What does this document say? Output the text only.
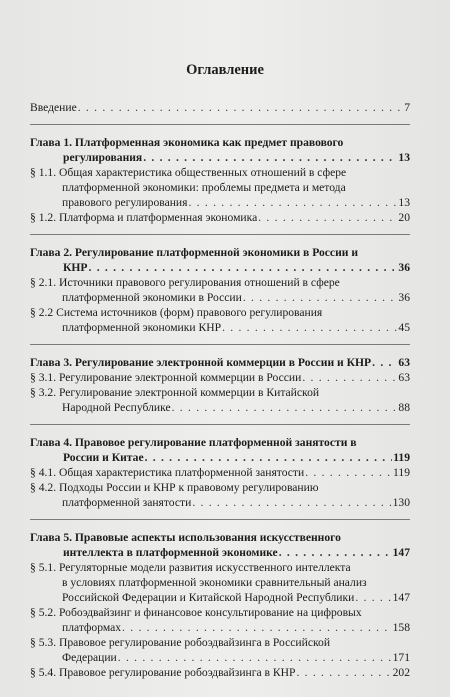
Оглавление
Введение . . .	7
Глава 1. Платформенная экономика как предмет правового
регулирования . . .	13
§ 1.1. Общая характеристика общественных отношений в сфере
платформенной экономики: проблемы предмета и метода
правового регулирования . . .	13
§ 1.2. Платформа и платформенная экономика . . .	20
Глава 2. Регулирование платформенной экономики в России и
КНР . . .	36
§ 2.1. Источники правового регулирования отношений в сфере
платформенной экономики в России . . .	36
§ 2.2 Система источников (форм) правового регулирования
платформенной экономики КНР . . .	45
Глава 3. Регулирование электронной коммерции в России и КНР . . . 63
§ 3.1. Регулирование электронной коммерции в России . . .	63
§ 3.2. Регулирование электронной коммерции в Китайской
Народной Республике . . .	88
Глава 4. Правовое регулирование платформенной занятости в
России и Китае . . .	119
§ 4.1. Общая характеристика платформенной занятости . . .	119
§ 4.2. Подходы России и КНР к правовому регулированию
платформенной занятости . . .	130
Глава 5. Правовые аспекты использования искусственного
интеллекта в платформенной экономике . . .	147
§ 5.1. Регуляторные модели развития искусственного интеллекта
в условиях платформенной экономики сравнительный анализ
Российской Федерации и Китайской Народной Республики . . .	147
§ 5.2. Робоэдвайзинг и финансовое консультирование на цифровых
платформах . . .	158
§ 5.3. Правовое регулирование робоэдвайзинга в Российской
Федерации . . .	171
§ 5.4. Правовое регулирование робоэдвайзинга в КНР . . .	202
